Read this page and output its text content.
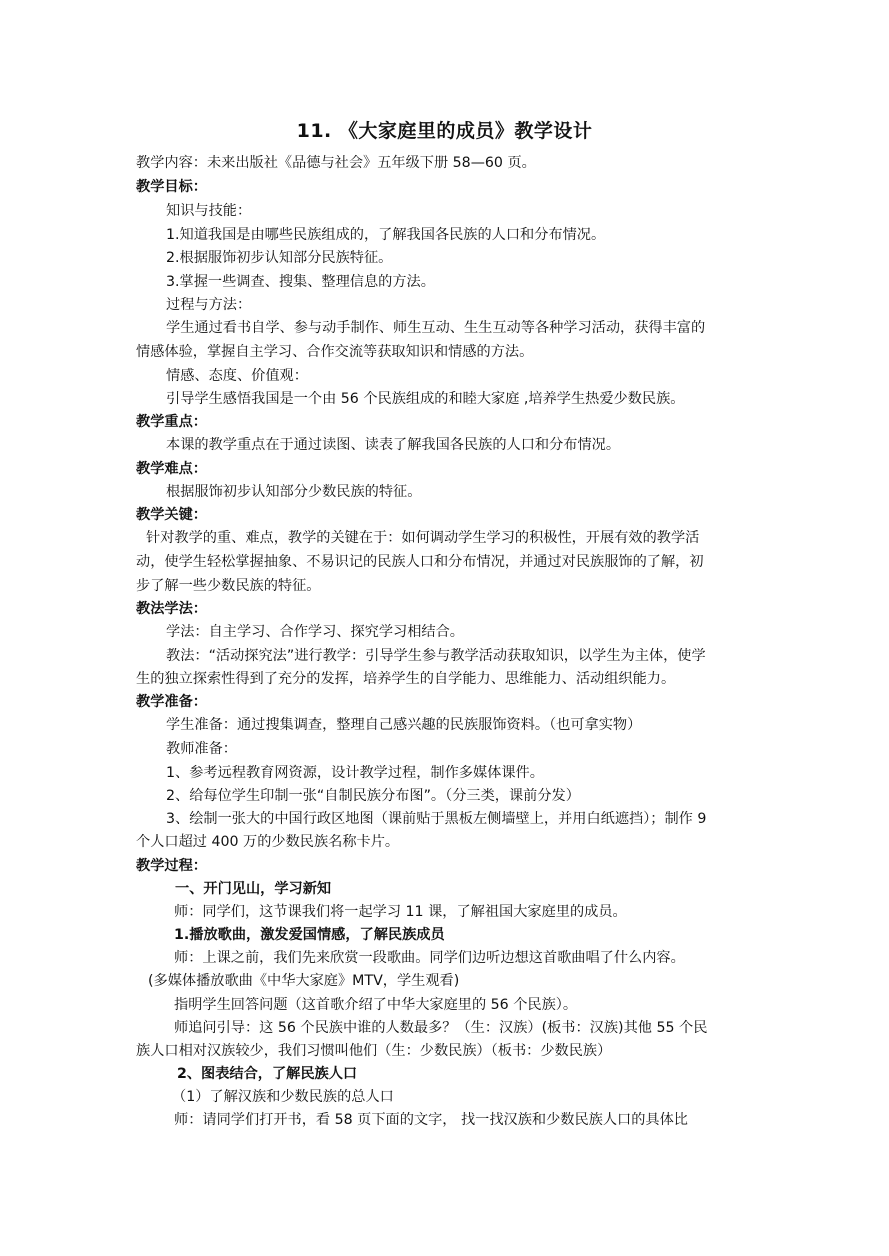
11. 《大家庭里的成员》教学设计
教学内容：未来出版社《品德与社会》五年级下册 58—60 页。
教学目标：
知识与技能：
1.知道我国是由哪些民族组成的，了解我国各民族的人口和分布情况。
2.根据服饰初步认知部分民族特征。
3.掌握一些调查、搜集、整理信息的方法。
过程与方法：
学生通过看书自学、参与动手制作、师生互动、生生互动等各种学习活动，获得丰富的
情感体验，掌握自主学习、合作交流等获取知识和情感的方法。
情感、态度、价值观：
引导学生感悟我国是一个由 56 个民族组成的和睦大家庭 ,培养学生热爱少数民族。
教学重点：
本课的教学重点在于通过读图、读表了解我国各民族的人口和分布情况。
教学难点：
根据服饰初步认知部分少数民族的特征。
教学关键：
针对教学的重、难点，教学的关键在于：如何调动学生学习的积极性，开展有效的教学活
动，使学生轻松掌握抽象、不易识记的民族人口和分布情况，并通过对民族服饰的了解，初
步了解一些少数民族的特征。
教法学法：
学法：自主学习、合作学习、探究学习相结合。
教法：“活动探究法”进行教学：引导学生参与教学活动获取知识，以学生为主体，使学
生的独立探索性得到了充分的发挥，培养学生的自学能力、思维能力、活动组织能力。
教学准备：
学生准备：通过搜集调查，整理自己感兴趣的民族服饰资料。（也可拿实物）
教师准备：
1、参考远程教育网资源，设计教学过程，制作多媒体课件。
2、给每位学生印制一张“自制民族分布图”。（分三类，课前分发）
3、绘制一张大的中国行政区地图（课前贴于黑板左侧墙壁上，并用白纸遮挡）；制作 9
个人口超过 400 万的少数民族名称卡片。
教学过程：
一、开门见山，学习新知
师：同学们，这节课我们将一起学习 11 课，了解祖国大家庭里的成员。
1.播放歌曲，激发爱国情感，了解民族成员
师：上课之前，我们先来欣赏一段歌曲。同学们边听边想这首歌曲唱了什么内容。
(多媒体播放歌曲《中华大家庭》MTV，学生观看)
指明学生回答问题（这首歌介绍了中华大家庭里的 56 个民族）。
师追问引导：这 56 个民族中谁的人数最多？（生：汉族）(板书：汉族)其他 55 个民
族人口相对汉族较少，我们习惯叫他们（生：少数民族）（板书：少数民族）
2、图表结合，了解民族人口
（1）了解汉族和少数民族的总人口
师：请同学们打开书，看 58 页下面的文字， 找一找汉族和少数民族人口的具体比
